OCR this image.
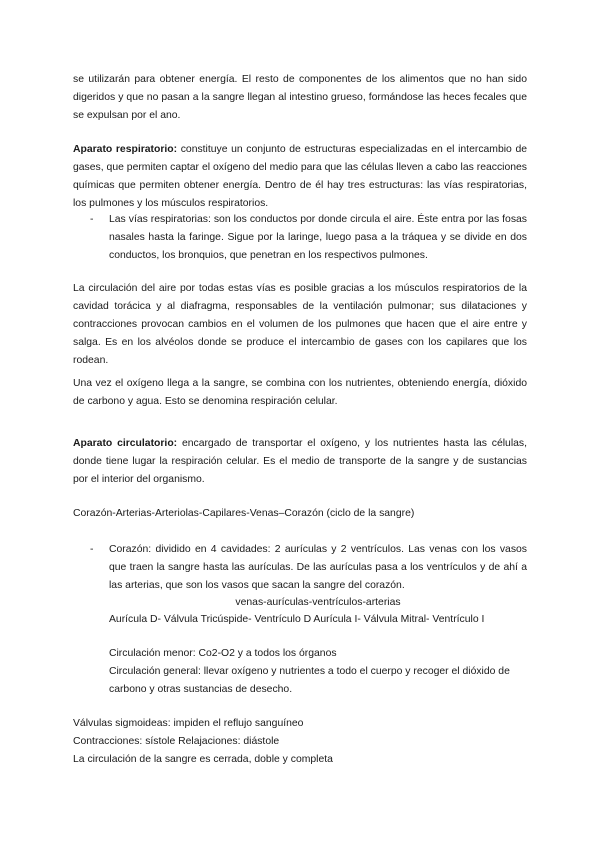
se utilizarán para obtener energía. El resto de componentes de los alimentos que no han sido digeridos y que no pasan a la sangre llegan al intestino grueso, formándose las heces fecales que se expulsan por el ano.

Aparato respiratorio: constituye un conjunto de estructuras especializadas en el intercambio de gases, que permiten captar el oxígeno del medio para que las células lleven a cabo las reacciones químicas que permiten obtener energía. Dentro de él hay tres estructuras: las vías respiratorias, los pulmones y los músculos respiratorios.

- Las vías respiratorias: son los conductos por donde circula el aire. Éste entra por las fosas nasales hasta la faringe. Sigue por la laringe, luego pasa a la tráquea y se divide en dos conductos, los bronquios, que penetran en los respectivos pulmones.

La circulación del aire por todas estas vías es posible gracias a los músculos respiratorios de la cavidad torácica y al diafragma, responsables de la ventilación pulmonar; sus dilataciones y contracciones provocan cambios en el volumen de los pulmones que hacen que el aire entre y salga. Es en los alvéolos donde se produce el intercambio de gases con los capilares que los rodean.

Una vez el oxígeno llega a la sangre, se combina con los nutrientes, obteniendo energía, dióxido de carbono y agua. Esto se denomina respiración celular.

Aparato circulatorio: encargado de transportar el oxígeno, y los nutrientes hasta las células, donde tiene lugar la respiración celular. Es el medio de transporte de la sangre y de sustancias por el interior del organismo.

Corazón-Arterias-Arteriolas-Capilares-Venas–Corazón (ciclo de la sangre)

- Corazón: dividido en 4 cavidades: 2 aurículas y 2 ventrículos. Las venas con los vasos que traen la sangre hasta las aurículas. De las aurículas pasa a los ventrículos y de ahí a las arterias, que son los vasos que sacan la sangre del corazón.

venas-aurículas-ventrículos-arterias

Aurícula D- Válvula Tricúspide- Ventrículo D Aurícula I- Válvula Mitral- Ventrículo I

Circulación menor: Co2-O2 y a todos los órganos

Circulación general: llevar oxígeno y nutrientes a todo el cuerpo y recoger el dióxido de carbono y otras sustancias de desecho.

Válvulas sigmoideas: impiden el reflujo sanguíneo

Contracciones: sístole Relajaciones: diástole

La circulación de la sangre es cerrada, doble y completa
